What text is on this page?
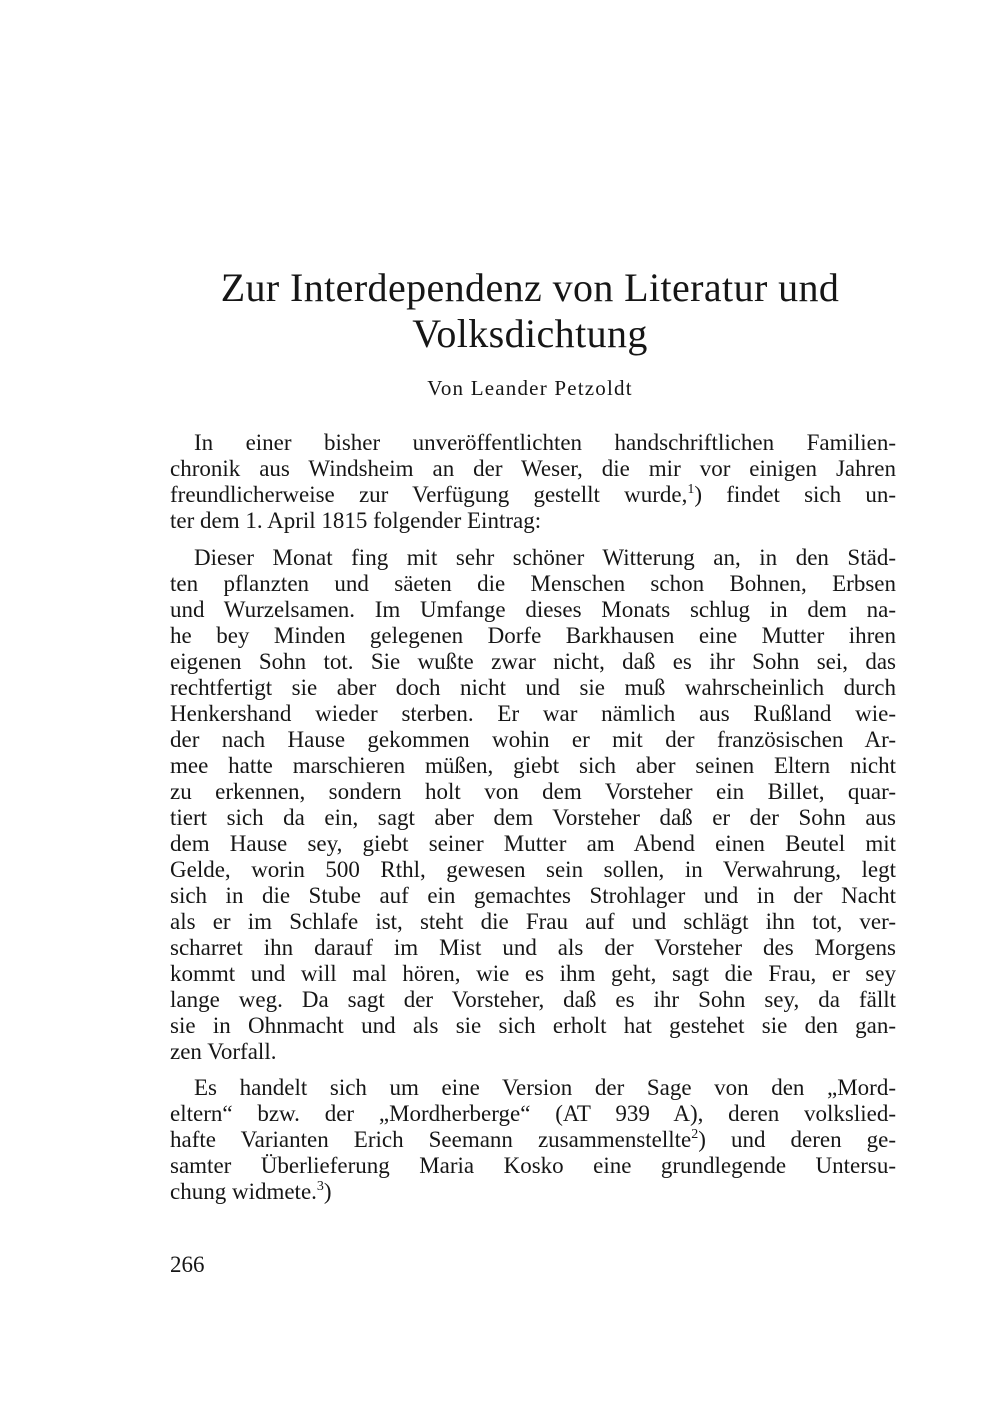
Zur Interdependenz von Literatur und
Volksdichtung
Von Leander Petzoldt
In einer bisher unveröffentlichten handschriftlichen Familien-
chronik aus Windsheim an der Weser, die mir vor einigen Jahren
freundlicherweise zur Verfügung gestellt wurde,$^1$) findet sich un-
ter dem 1. April 1815 folgender Eintrag:
Dieser Monat fing mit sehr schöner Witterung an, in den Städ-
ten pflanzten und säeten die Menschen schon Bohnen, Erbsen
und Wurzelsamen. Im Umfange dieses Monats schlug in dem na-
he bey Minden gelegenen Dorfe Barkhausen eine Mutter ihren
eigenen Sohn tot. Sie wußte zwar nicht, daß es ihr Sohn sei, das
rechtfertigt sie aber doch nicht und sie muß wahrscheinlich durch
Henkershand wieder sterben. Er war nämlich aus Rußland wie-
der nach Hause gekommen wohin er mit der französischen Ar-
mee hatte marschieren müßen, giebt sich aber seinen Eltern nicht
zu erkennen, sondern holt von dem Vorsteher ein Billet, quar-
tiert sich da ein, sagt aber dem Vorsteher daß er der Sohn aus
dem Hause sey, giebt seiner Mutter am Abend einen Beutel mit
Gelde, worin 500 Rthl, gewesen sein sollen, in Verwahrung, legt
sich in die Stube auf ein gemachtes Strohlager und in der Nacht
als er im Schlafe ist, steht die Frau auf und schlägt ihn tot, ver-
scharret ihn darauf im Mist und als der Vorsteher des Morgens
kommt und will mal hören, wie es ihm geht, sagt die Frau, er sey
lange weg. Da sagt der Vorsteher, daß es ihr Sohn sey, da fällt
sie in Ohnmacht und als sie sich erholt hat gestehet sie den gan-
zen Vorfall.
Es handelt sich um eine Version der Sage von den „Mord-
eltern“ bzw. der „Mordherberge“ (AT 939 A), deren volkslied-
hafte Varianten Erich Seemann zusammenstellte$^2$) und deren ge-
samter Überlieferung Maria Kosko eine grundlegende Untersu-
chung widmete.$^3$)
266
